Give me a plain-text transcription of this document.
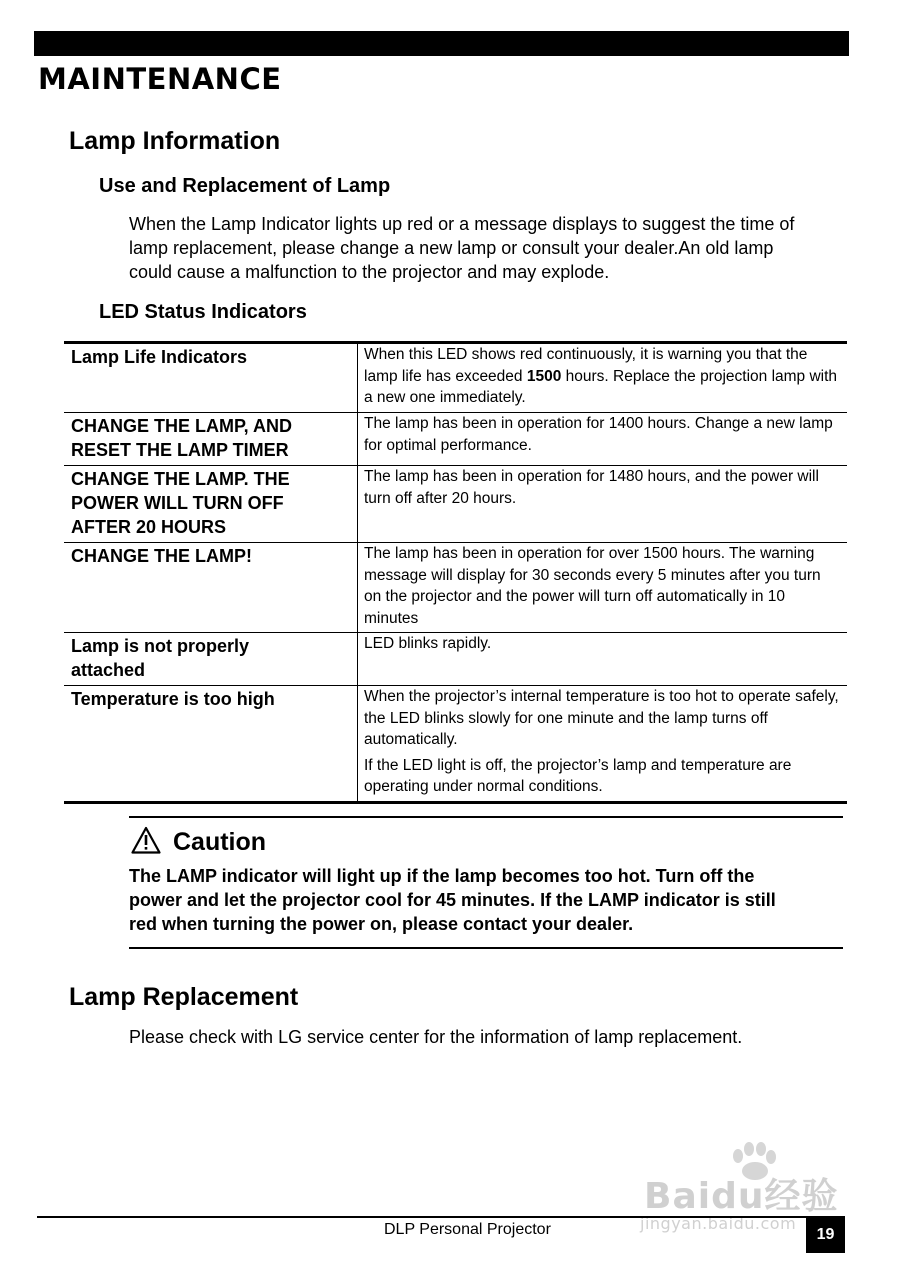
MAINTENANCE
Lamp Information
Use and Replacement of Lamp
When the Lamp Indicator lights up red or a message displays to suggest the time of
lamp replacement, please change a new lamp or consult your dealer.An old lamp
could cause a malfunction to the projector and may explode.
LED Status Indicators
Lamp Life Indicators	When this LED shows red continuously, it is warning you that the lamp life has exceeded 1500 hours. Replace the projection lamp with a new one immediately.

CHANGE THE LAMP, AND
RESET THE LAMP TIMER	The lamp has been in operation for 1400 hours. Change a new lamp for optimal performance.

CHANGE THE LAMP. THE
POWER WILL TURN OFF
AFTER 20 HOURS	The lamp has been in operation for 1480 hours, and the power will turn off after 20 hours.
CHANGE THE LAMP!	The lamp has been in operation for over 1500 hours. The warning message will display for 30 seconds every 5 minutes after you turn on the projector and the power will turn off automatically in 10 minutes

Lamp is not properly
attached	LED blinks rapidly.
Temperature is too high	When the projector’s internal temperature is too hot to operate safely, the LED blinks slowly for one minute and the lamp turns off automatically.

If the LED light is off, the projector’s lamp and temperature are operating under normal conditions.

Caution
The LAMP indicator will light up if the lamp becomes too hot. Turn off the
power and let the projector cool for 45 minutes. If the LAMP indicator is still
red when turning the power on, please contact your dealer.
Lamp Replacement

Please check with LG service center for the information of lamp replacement.

Baidu经验
jingyan.baidu.com
DLP Personal Projector	19
